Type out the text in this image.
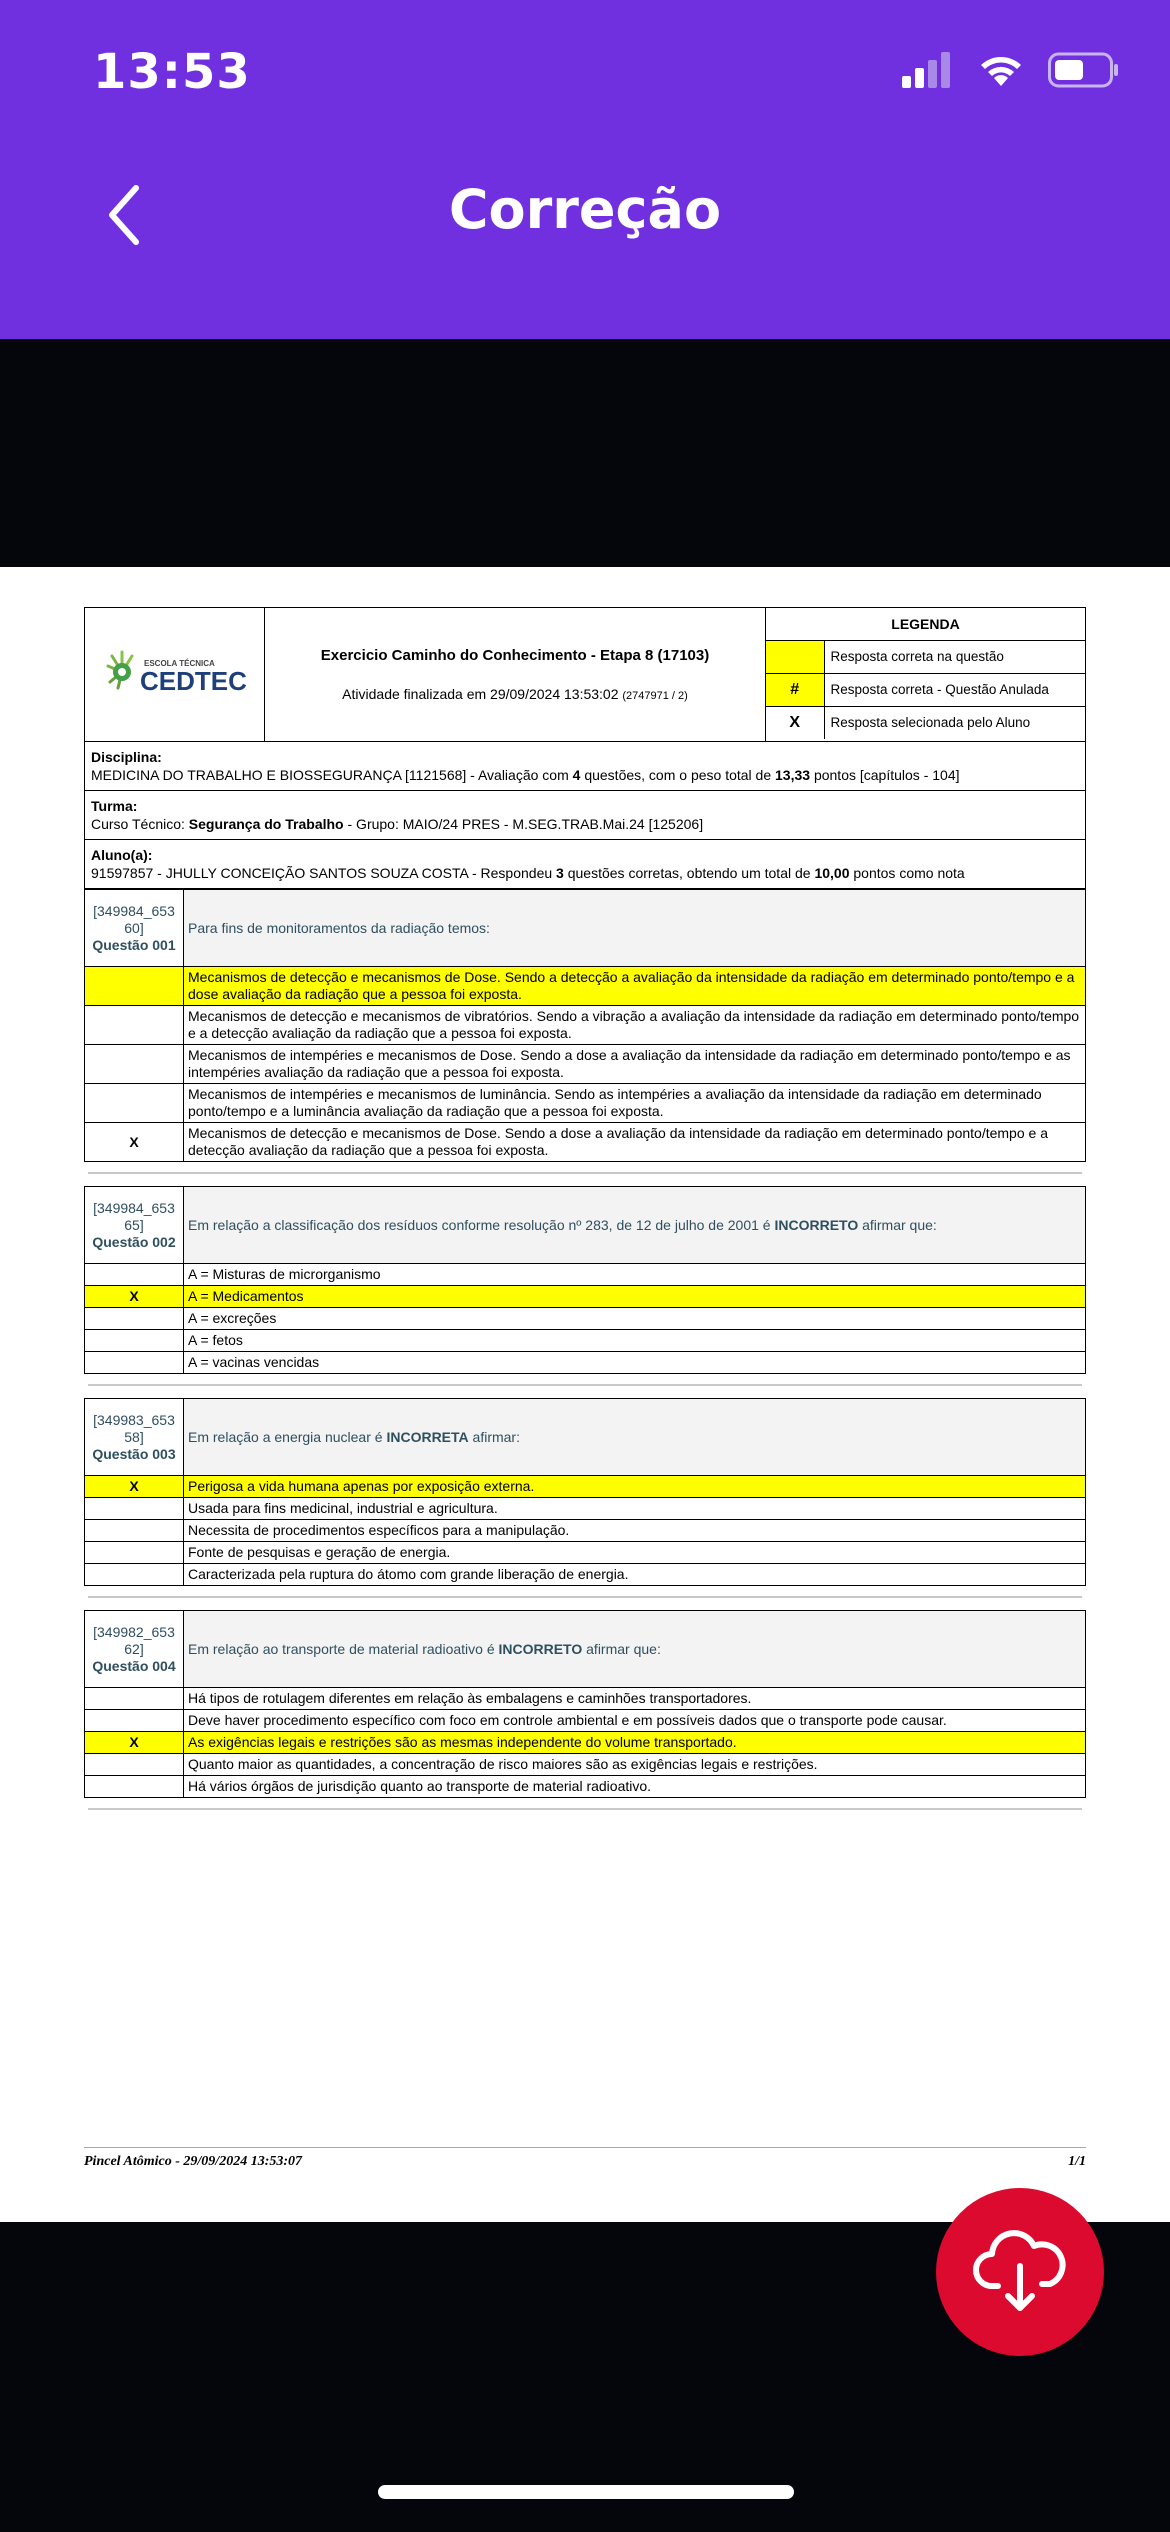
13:53
Correção
ESCOLA TÉCNICA
CEDTEC

Exercicio Caminho do Conhecimento - Etapa 8 (17103)
Atividade finalizada em 29/09/2024 13:53:02 (2747971 / 2)

LEGENDA
	Resposta correta na questão
#	Resposta correta - Questão Anulada
X	Resposta selecionada pelo Aluno

Disciplina:
MEDICINA DO TRABALHO E BIOSSEGURANÇA [1121568] - Avaliação com 4 questões, com o peso total de 13,33 pontos [capítulos - 104]

Turma:
Curso Técnico: Segurança do Trabalho - Grupo: MAIO/24 PRES - M.SEG.TRAB.Mai.24 [125206]

Aluno(a):
91597857 - JHULLY CONCEIÇÃO SANTOS SOUZA COSTA - Respondeu 3 questões corretas, obtendo um total de 10,00 pontos como nota
[349984_653 60]
Questão 001	Para fins de monitoramentos da radiação temos:
	Mecanismos de detecção e mecanismos de Dose. Sendo a detecção a avaliação da intensidade da radiação em determinado ponto/tempo e a dose avaliação da radiação que a pessoa foi exposta.
	Mecanismos de detecção e mecanismos de vibratórios. Sendo a vibração a avaliação da intensidade da radiação em determinado ponto/tempo e a detecção avaliação da radiação que a pessoa foi exposta.
	Mecanismos de intempéries e mecanismos de Dose. Sendo a dose a avaliação da intensidade da radiação em determinado ponto/tempo e as intempéries avaliação da radiação que a pessoa foi exposta.
	Mecanismos de intempéries e mecanismos de luminância. Sendo as intempéries a avaliação da intensidade da radiação em determinado ponto/tempo e a luminância avaliação da radiação que a pessoa foi exposta.
X	Mecanismos de detecção e mecanismos de Dose. Sendo a dose a avaliação da intensidade da radiação em determinado ponto/tempo e a detecção avaliação da radiação que a pessoa foi exposta.
[349984_653 65]
Questão 002	Em relação a classificação dos resíduos conforme resolução nº 283, de 12 de julho de 2001 é INCORRETO afirmar que:
	A = Misturas de microrganismo
X	A = Medicamentos
	A = excreções
	A = fetos
	A = vacinas vencidas
[349983_653 58]
Questão 003	Em relação a energia nuclear é INCORRETA afirmar:
X	Perigosa a vida humana apenas por exposição externa.
	Usada para fins medicinal, industrial e agricultura.
	Necessita de procedimentos específicos para a manipulação.
	Fonte de pesquisas e geração de energia.
	Caracterizada pela ruptura do átomo com grande liberação de energia.
[349982_653 62]
Questão 004	Em relação ao transporte de material radioativo é INCORRETO afirmar que:
	Há tipos de rotulagem diferentes em relação às embalagens e caminhões transportadores.
	Deve haver procedimento específico com foco em controle ambiental e em possíveis dados que o transporte pode causar.
X	As exigências legais e restrições são as mesmas independente do volume transportado.
	Quanto maior as quantidades, a concentração de risco maiores são as exigências legais e restrições.
	Há vários órgãos de jurisdição quanto ao transporte de material radioativo.
Pincel Atômico - 29/09/2024 13:53:07	1/1
